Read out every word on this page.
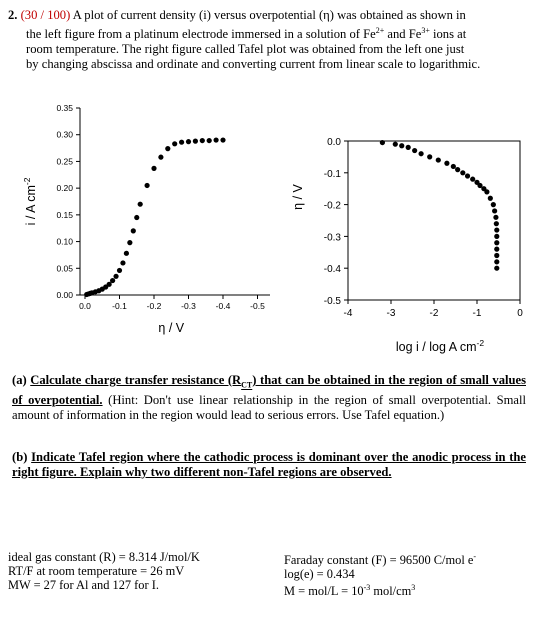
2. (30 / 100) A plot of current density (i) versus overpotential (η) was obtained as shown in
the left figure from a platinum electrode immersed in a solution of $Fe^{2+}$ and $Fe^{3+}$ ions at
room temperature. The right figure called Tafel plot was obtained from the left one just
by changing abscissa and ordinate and converting current from linear scale to logarithmic.
0.00
0.05
0.10
0.15
0.20
0.25
0.30
0.35
0.0	-0.1 -0.2 -0.3 -0.4 -0.5
η / V
i / A $cm^{-2}$
0.0
-0.1
-0.2
-0.3
-0.4
-0.5
-4	-3	-2	-1	0
η / V
log i / log A $cm^{-2}$
(a) Calculate charge transfer resistance $(R_{CT})$ that can be obtained in the region of small values of overpotential. (Hint: Don't use linear relationship in the region of small overpotential. Small amount of information in the region would lead to serious errors. Use Tafel equation.)
(b) Indicate Tafel region where the cathodic process is dominant over the anodic process in the right figure. Explain why two different non-Tafel regions are observed.
ideal gas constant (R) = 8.314 J/mol/K
RT/F at room temperature = 26 mV
MW = 27 for Al and 127 for I.
Faraday constant (F) = 96500 C/mol e-
log(e) = 0.434
$M = mol/L = 10^{-3}$ mol/$cm^3$
